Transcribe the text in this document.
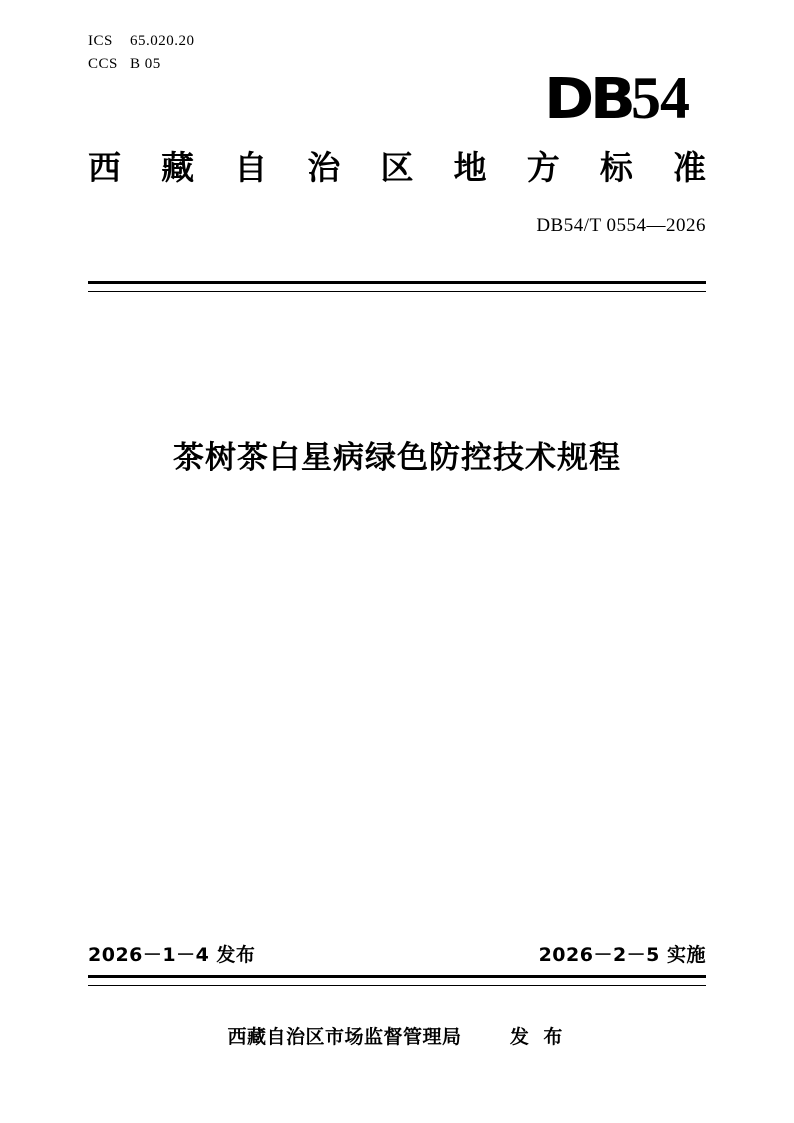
ICS	65.020.20
CCS B 05
DB 54
西 藏 自 治 区 地 方 标 准
DB54/T 0554—2026
茶树茶白星病绿色防控技术规程
2026－1－4 发布	2026－2－5 实施
西藏自治区市场监督管理局	发 布
